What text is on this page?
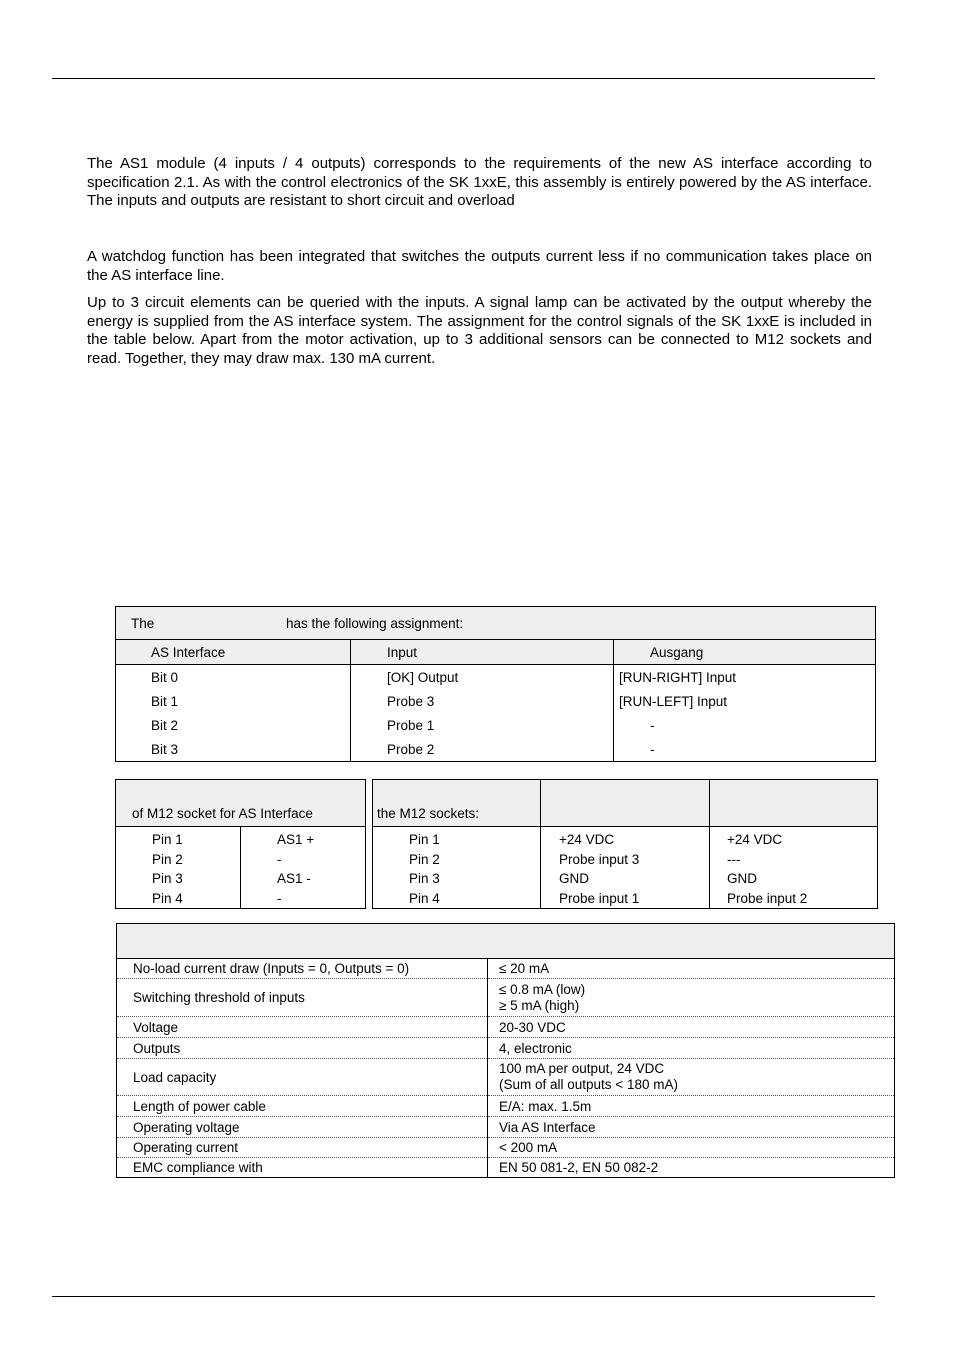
The AS1 module (4 inputs / 4 outputs) corresponds to the requirements of the new AS interface according to specification 2.1. As with the control electronics of the SK 1xxE, this assembly is entirely powered by the AS interface. The inputs and outputs are resistant to short circuit and overload

A watchdog function has been integrated that switches the outputs current less if no communication takes place on the AS interface line.

Up to 3 circuit elements can be queried with the inputs. A signal lamp can be activated by the output whereby the energy is supplied from the AS interface system. The assignment for the control signals of the SK 1xxE is included in the table below. Apart from the motor activation, up to 3 additional sensors can be connected to M12 sockets and read. Together, they may draw max. 130 mA current.

The has the following assignment:		
AS Interface	Input	Ausgang
Bit 0	[OK] Output	[RUN-RIGHT] Input
Bit 1	Probe 3	[RUN-LEFT] Input
Bit 2	Probe 1	-
Bit 3	Probe 2	-
of M12 socket for AS Interface	
Pin 1	AS1 +
Pin 2	-
Pin 3	AS1 -
Pin 4	-
the M12 sockets:		
Pin 1	+24 VDC	+24 VDC
Pin 2	Probe input 3	---
Pin 3	GND	GND
Pin 4	Probe input 1	Probe input 2

No-load current draw (Inputs = 0, Outputs = 0)	≤ 20 mA
Switching threshold of inputs	≤ 0.8 mA (low)
≥ 5 mA (high)

Voltage	20-30 VDC
Outputs	4, electronic
Load capacity	100 mA per output, 24 VDC
(Sum of all outputs < 180 mA)

Length of power cable	E/A: max. 1.5m
Operating voltage	Via AS Interface
Operating current	< 200 mA
EMC compliance with	EN 50 081-2, EN 50 082-2
